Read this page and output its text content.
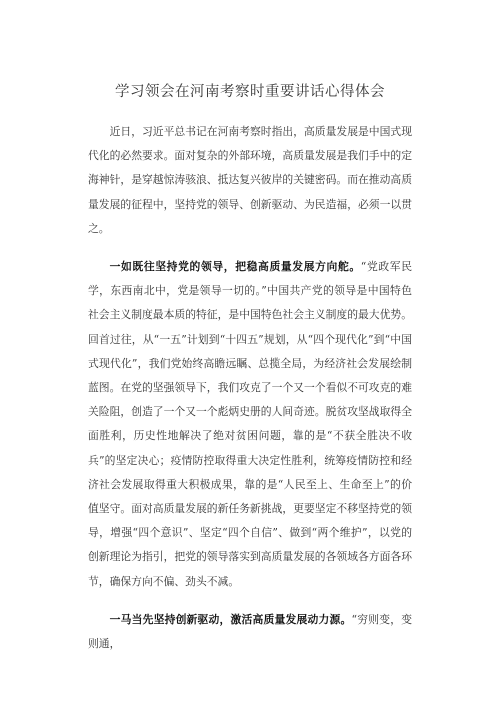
学习领会在河南考察时重要讲话心得体会

近日，习近平总书记在河南考察时指出，高质量发展是中国式现代化的必然要求。面对复杂的外部环境，高质量发展是我们手中的定海神针，是穿越惊涛骇浪、抵达复兴彼岸的关键密码。而在推动高质量发展的征程中，坚持党的领导、创新驱动、为民造福，必须一以贯之。

一如既往坚持党的领导，把稳高质量发展方向舵。“党政军民学，东西南北中，党是领导一切的。”中国共产党的领导是中国特色社会主义制度最本质的特征，是中国特色社会主义制度的最大优势。回首过往，从“一五”计划到“十四五”规划，从“四个现代化”到“中国式现代化”，我们党始终高瞻远瞩、总揽全局，为经济社会发展绘制蓝图。在党的坚强领导下，我们攻克了一个又一个看似不可攻克的难关险阻，创造了一个又一个彪炳史册的人间奇迹。脱贫攻坚战取得全面胜利，历史性地解决了绝对贫困问题，靠的是“不获全胜决不收兵”的坚定决心；疫情防控取得重大决定性胜利，统筹疫情防控和经济社会发展取得重大积极成果，靠的是“人民至上、生命至上”的价值坚守。面对高质量发展的新任务新挑战，更要坚定不移坚持党的领导，增强“四个意识”、坚定“四个自信”、做到“两个维护”，以党的创新理论为指引，把党的领导落实到高质量发展的各领域各方面各环节，确保方向不偏、劲头不减。

一马当先坚持创新驱动，激活高质量发展动力源。“穷则变，变则通，
